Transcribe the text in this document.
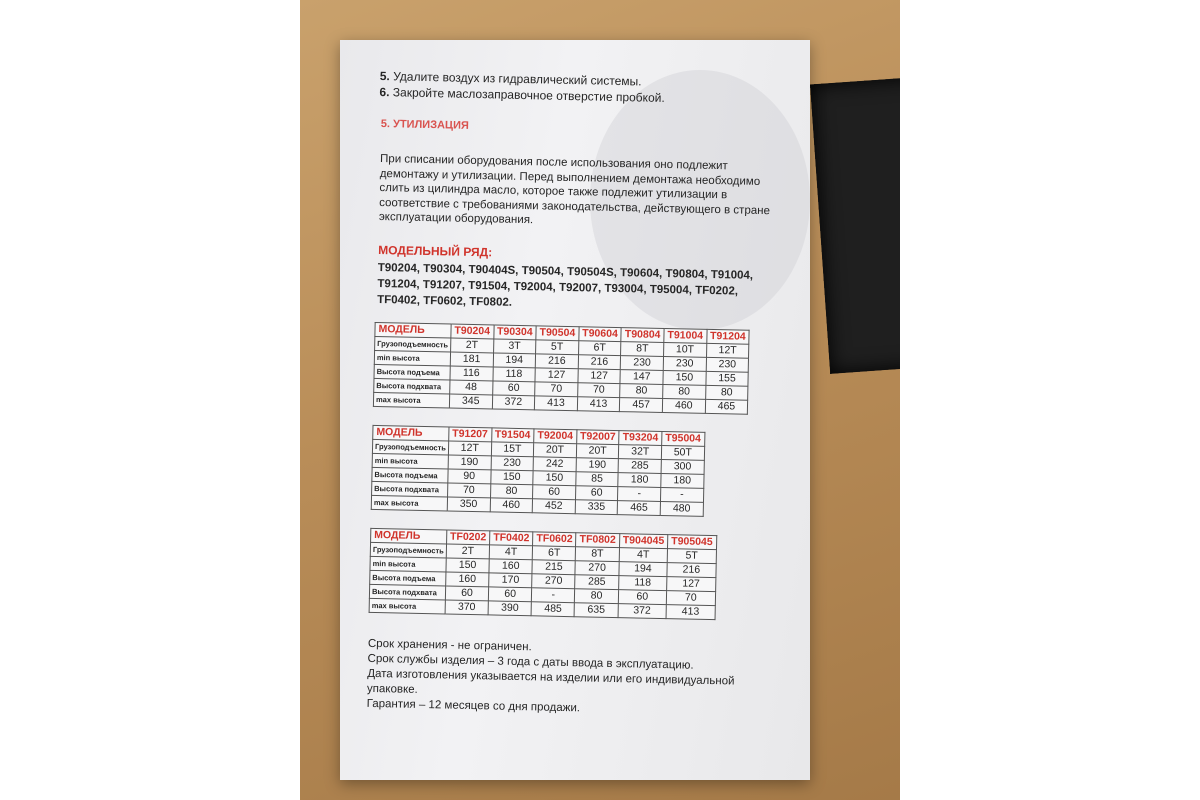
5. Удалите воздух из гидравлический системы.

6. Закройте маслозаправочное отверстие пробкой.

5. УТИЛИЗАЦИЯ

При списании оборудования после использования оно подлежит демонтажу и утилизации. Перед выполнением демонтажа необходимо слить из цилиндра масло, которое также подлежит утилизации в соответствие с требованиями законодательства, действующего в стране эксплуатации оборудования.

МОДЕЛЬНЫЙ РЯД:
T90204, T90304, T90404S, T90504, T90504S, T90604, T90804, T91004, T91204, T91207, T91504, T92004, T92007, T93004, T95004, TF0202, TF0402, TF0602, TF0802.
МОДЕЛЬ	T90204	T90304	T90504	T90604	T90804	T91004	T91204
Грузоподъемность	2T	3T	5T	6T	8T	10T	12T
min высота	181	194	216	216	230	230	230
Высота подъема	116	118	127	127	147	150	155
Высота подхвата	48	60	70	70	80	80	80
max высота	345	372	413	413	457	460	465
МОДЕЛЬ	T91207	T91504	T92004	T92007	T93204	T95004
Грузоподъемность	12T	15T	20T	20T	32T	50T
min высота	190	230	242	190	285	300
Высота подъема	90	150	150	85	180	180
Высота подхвата	70	80	60	60	-	-
max высота	350	460	452	335	465	480
МОДЕЛЬ	TF0202	TF0402	TF0602	TF0802	T904045	T905045
Грузоподъемность	2T	4T	6T	8T	4T	5T
min высота	150	160	215	270	194	216
Высота подъема	160	170	270	285	118	127
Высота подхвата	60	60	-	80	60	70
max высота	370	390	485	635	372	413

Срок хранения - не ограничен.

Срок службы изделия – 3 года с даты ввода в эксплуатацию.

Дата изготовления указывается на изделии или его индивидуальной упаковке.

Гарантия – 12 месяцев со дня продажи.
